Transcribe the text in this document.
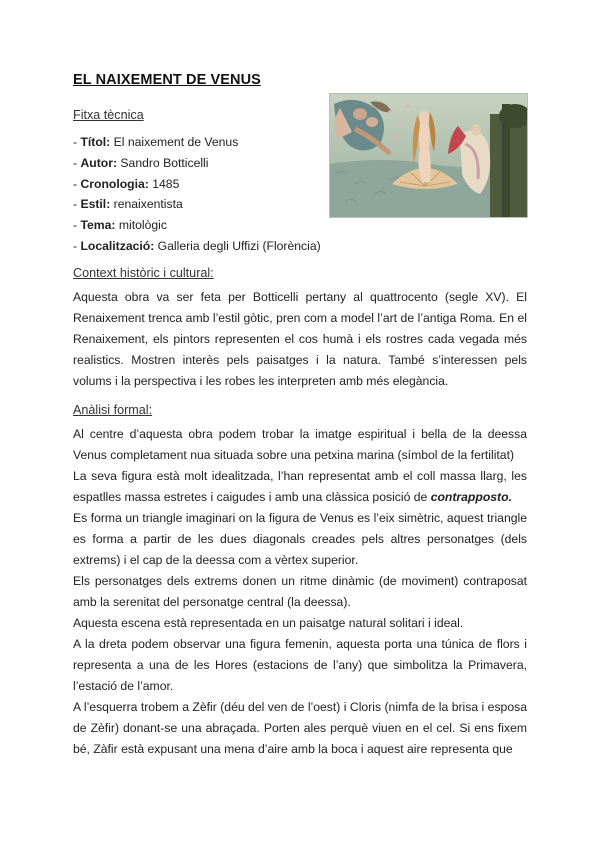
EL NAIXEMENT DE VENUS
Fitxa tècnica
- Títol: El naixement de Venus
- Autor: Sandro Botticelli
- Cronologia: 1485
- Estil: renaixentista
- Tema: mitològic
- Localització: Galleria degli Uffizi (Florència)
Context històric i cultural:

Aquesta obra va ser feta per Botticelli pertany al quattrocento (segle XV). El Renaixement trenca amb l’estil gòtic, pren com a model l’art de l’antiga Roma. En el Renaixement, els pintors representen el cos humà i els rostres cada vegada més realistics. Mostren interès pels paisatges i la natura. També s’interessen pels volums i la perspectiva i les robes les interpreten amb més elegància.

Anàlisi formal:

Al centre d’aquesta obra podem trobar la imatge espiritual i bella de la deessa Venus completament nua situada sobre una petxina marina (símbol de la fertilitat)

La seva figura està molt idealitzada, l’han representat amb el coll massa llarg, les espatlles massa estretes i caigudes i amb una clàssica posició de contrapposto.

Es forma un triangle imaginari on la figura de Venus es l’eix simètric, aquest triangle es forma a partir de les dues diagonals creades pels altres personatges (dels extrems) i el cap de la deessa com a vèrtex superior.

Els personatges dels extrems donen un ritme dinàmic (de moviment) contraposat amb la serenitat del personatge central (la deessa).

Aquesta escena està representada en un paisatge natural solitari i ideal.

A la dreta podem observar una figura femenin, aquesta porta una túnica de flors i representa a una de les Hores (estacions de l’any) que simbolitza la Primavera, l’estació de l’amor.

A l’esquerra trobem a Zèfir (déu del ven de l’oest) i Cloris (nimfa de la brisa i esposa de Zèfir) donant-se una abraçada. Porten ales perquè viuen en el cel. Si ens fixem bé, Zàfir està expusant una mena d’aire amb la boca i aquest aire representa que
